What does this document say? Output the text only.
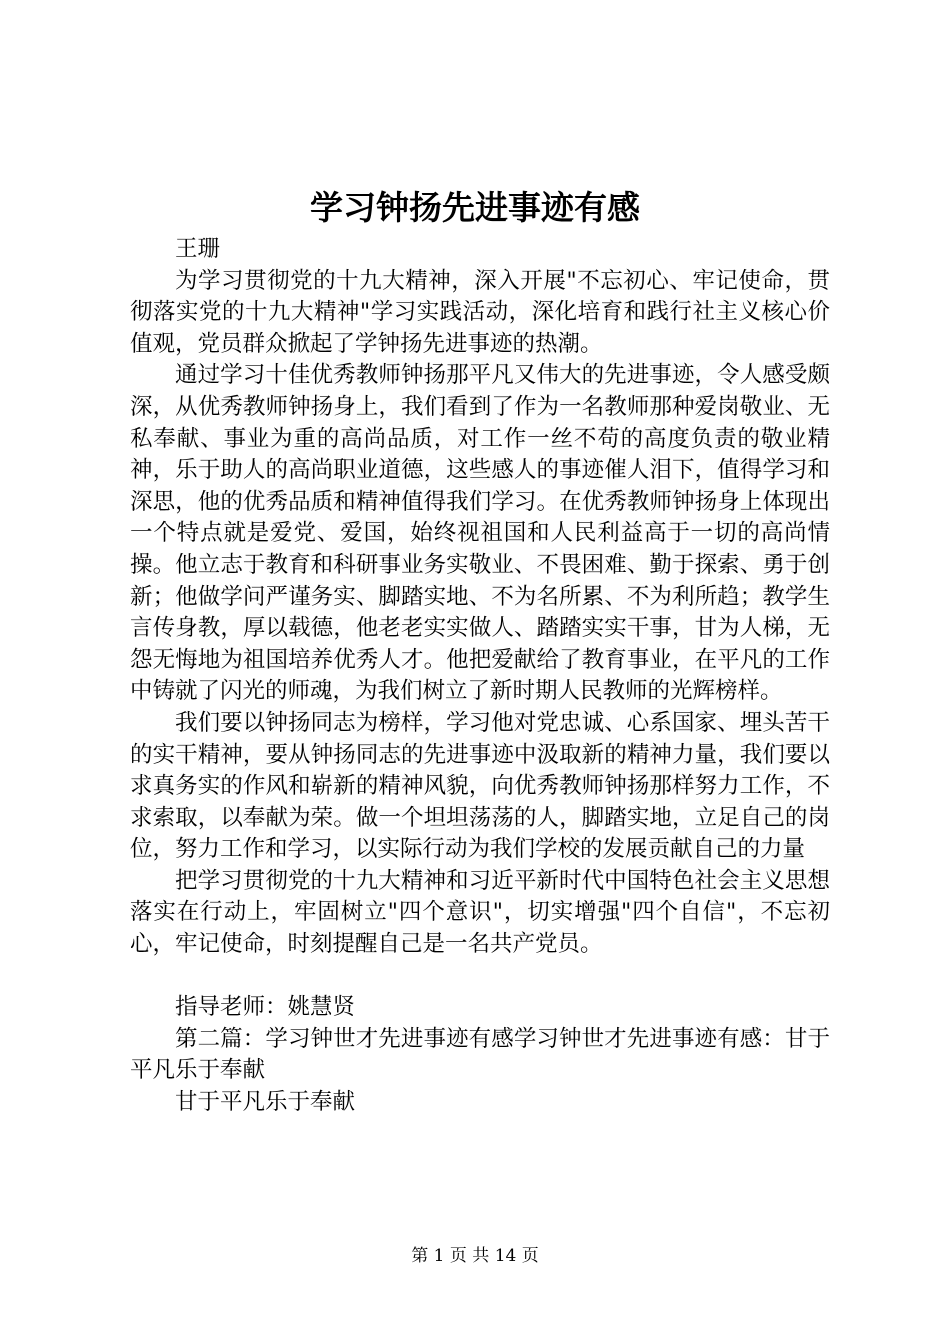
学习钟扬先进事迹有感

王珊

为学习贯彻党的十九大精神，深入开展"不忘初心、牢记使命，贯彻落实党的十九大精神"学习实践活动，深化培育和践行社主义核心价值观，党员群众掀起了学钟扬先进事迹的热潮。

通过学习十佳优秀教师钟扬那平凡又伟大的先进事迹，令人感受颇深，从优秀教师钟扬身上，我们看到了作为一名教师那种爱岗敬业、无私奉献、事业为重的高尚品质，对工作一丝不苟的高度负责的敬业精神，乐于助人的高尚职业道德，这些感人的事迹催人泪下，值得学习和深思，他的优秀品质和精神值得我们学习。在优秀教师钟扬身上体现出一个特点就是爱党、爱国，始终视祖国和人民利益高于一切的高尚情操。他立志于教育和科研事业务实敬业、不畏困难、勤于探索、勇于创新；他做学问严谨务实、脚踏实地、不为名所累、不为利所趋；教学生言传身教，厚以载德，他老老实实做人、踏踏实实干事，甘为人梯，无怨无悔地为祖国培养优秀人才。他把爱献给了教育事业，在平凡的工作中铸就了闪光的师魂，为我们树立了新时期人民教师的光辉榜样。

我们要以钟扬同志为榜样，学习他对党忠诚、心系国家、埋头苦干的实干精神，要从钟扬同志的先进事迹中汲取新的精神力量，我们要以求真务实的作风和崭新的精神风貌，向优秀教师钟扬那样努力工作，不求索取，以奉献为荣。做一个坦坦荡荡的人，脚踏实地，立足自己的岗位，努力工作和学习，以实际行动为我们学校的发展贡献自己的力量

把学习贯彻党的十九大精神和习近平新时代中国特色社会主义思想落实在行动上，牢固树立"四个意识"，切实增强"四个自信"，不忘初心，牢记使命，时刻提醒自己是一名共产党员。

指导老师：姚慧贤

第二篇：学习钟世才先进事迹有感学习钟世才先进事迹有感：甘于平凡乐于奉献

甘于平凡乐于奉献

第 1 页 共 14 页
